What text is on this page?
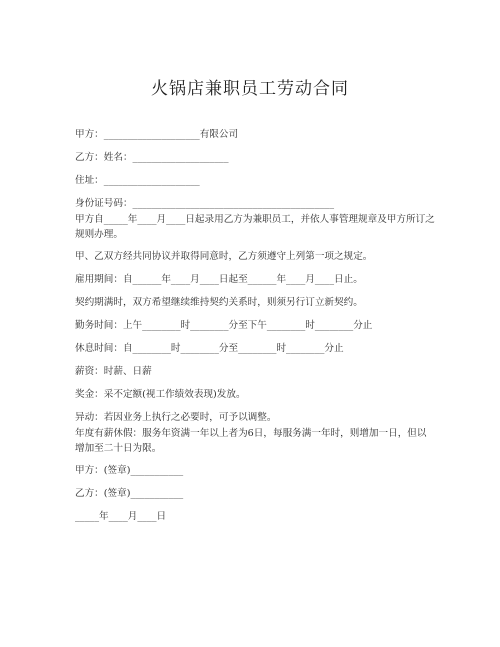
火锅店兼职员工劳动合同
甲方：____________________有限公司
乙方：姓名：____________________
住址：____________________
身份证号码：__________________________________________
甲方自_____年____月____日起录用乙方为兼职员工，并依人事管理规章及甲方所订之规则办理。
甲、乙双方经共同协议并取得同意时，乙方须遵守上列第一项之规定。
雇用期间：自______年____月____日起至______年____月____日止。
契约期满时，双方希望继续维持契约关系时，则须另行订立新契约。
勤务时间：上午________时________分至下午________时________分止
休息时间：自________时________分至________时________分止
薪资：时薪、日薪
奖金：采不定额(视工作绩效表现)发放。
异动：若因业务上执行之必要时，可予以调整。
年度有薪休假：服务年资满一年以上者为6日，每服务满一年时，则增加一日，但以增加至二十日为限。
甲方：(签章)___________
乙方：(签章)___________
_____年____月____日
